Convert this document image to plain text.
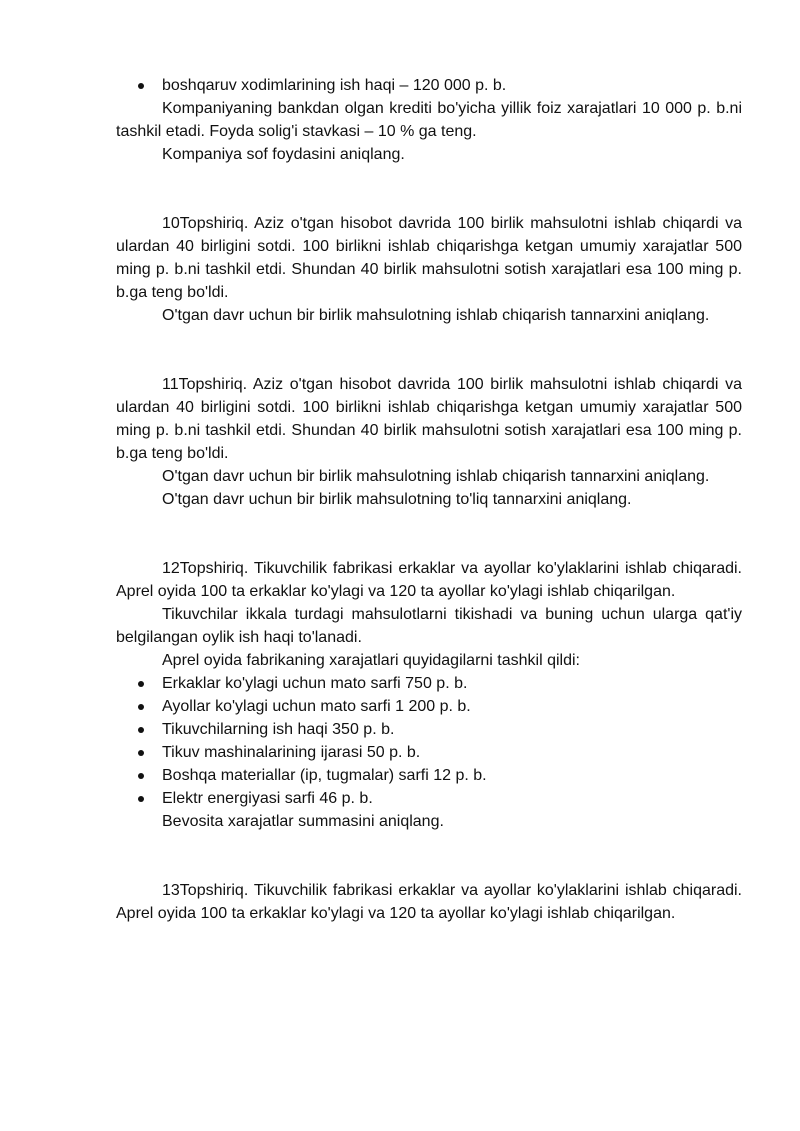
boshqaruv xodimlarining ish haqi – 120 000 p. b.

Kompaniyaning bankdan olgan krediti bo'yicha yillik foiz xarajatlari 10 000 p. b.ni tashkil etadi. Foyda solig'i stavkasi – 10 % ga teng.

Kompaniya sof foydasini aniqlang.

10Topshiriq. Aziz o'tgan hisobot davrida 100 birlik mahsulotni ishlab chiqardi va ulardan 40 birligini sotdi. 100 birlikni ishlab chiqarishga ketgan umumiy xarajatlar 500 ming p. b.ni tashkil etdi. Shundan 40 birlik mahsulotni sotish xarajatlari esa 100 ming p. b.ga teng bo'ldi.

O'tgan davr uchun bir birlik mahsulotning ishlab chiqarish tannarxini aniqlang.

11Topshiriq. Aziz o'tgan hisobot davrida 100 birlik mahsulotni ishlab chiqardi va ulardan 40 birligini sotdi. 100 birlikni ishlab chiqarishga ketgan umumiy xarajatlar 500 ming p. b.ni tashkil etdi. Shundan 40 birlik mahsulotni sotish xarajatlari esa 100 ming p. b.ga teng bo'ldi.

O'tgan davr uchun bir birlik mahsulotning ishlab chiqarish tannarxini aniqlang.

O'tgan davr uchun bir birlik mahsulotning to'liq tannarxini aniqlang.

12Topshiriq. Tikuvchilik fabrikasi erkaklar va ayollar ko'ylaklarini ishlab chiqaradi. Aprel oyida 100 ta erkaklar ko'ylagi va 120 ta ayollar ko'ylagi ishlab chiqarilgan.

Tikuvchilar ikkala turdagi mahsulotlarni tikishadi va buning uchun ularga qat'iy belgilangan oylik ish haqi to'lanadi.

Aprel oyida fabrikaning xarajatlari quyidagilarni tashkil qildi:

Erkaklar ko'ylagi uchun mato sarfi 750 p. b.
Ayollar ko'ylagi uchun mato sarfi 1 200 p. b.
Tikuvchilarning ish haqi 350 p. b.
Tikuv mashinalarining ijarasi 50 p. b.
Boshqa materiallar (ip, tugmalar) sarfi 12 p. b.
Elektr energiyasi sarfi 46 p. b.

Bevosita xarajatlar summasini aniqlang.

13Topshiriq. Tikuvchilik fabrikasi erkaklar va ayollar ko'ylaklarini ishlab chiqaradi. Aprel oyida 100 ta erkaklar ko'ylagi va 120 ta ayollar ko'ylagi ishlab chiqarilgan.
